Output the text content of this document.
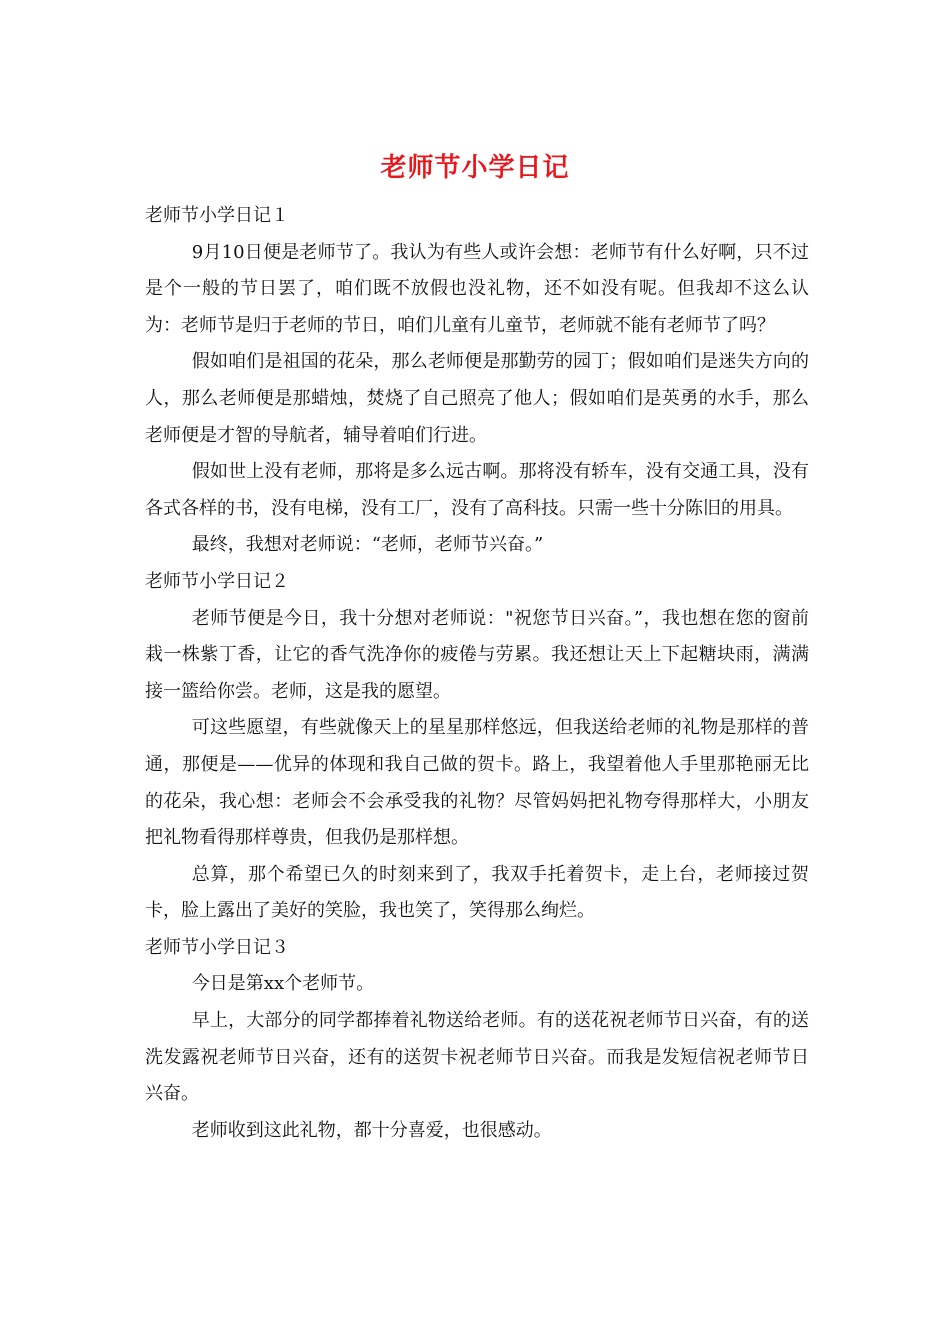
老师节小学日记

老师节小学日记１

9月10日便是老师节了。我认为有些人或许会想：老师节有什么好啊，只不过是个一般的节日罢了，咱们既不放假也没礼物，还不如没有呢。但我却不这么认为：老师节是归于老师的节日，咱们儿童有儿童节，老师就不能有老师节了吗？

假如咱们是祖国的花朵，那么老师便是那勤劳的园丁；假如咱们是迷失方向的人，那么老师便是那蜡烛，焚烧了自己照亮了他人；假如咱们是英勇的水手，那么老师便是才智的导航者，辅导着咱们行进。

假如世上没有老师，那将是多么远古啊。那将没有轿车，没有交通工具，没有各式各样的书，没有电梯，没有工厂，没有了高科技。只需一些十分陈旧的用具。

最终，我想对老师说：“老师，老师节兴奋。”

老师节小学日记２

老师节便是今日，我十分想对老师说："祝您节日兴奋。”，我也想在您的窗前栽一株紫丁香，让它的香气洗净你的疲倦与劳累。我还想让天上下起糖块雨，满满接一篮给你尝。老师，这是我的愿望。

可这些愿望，有些就像天上的星星那样悠远，但我送给老师的礼物是那样的普通，那便是——优异的体现和我自己做的贺卡。路上，我望着他人手里那艳丽无比的花朵，我心想：老师会不会承受我的礼物？尽管妈妈把礼物夸得那样大，小朋友把礼物看得那样尊贵，但我仍是那样想。

总算，那个希望已久的时刻来到了，我双手托着贺卡，走上台，老师接过贺卡，脸上露出了美好的笑脸，我也笑了，笑得那么绚烂。

老师节小学日记３

今日是第xx个老师节。

早上，大部分的同学都捧着礼物送给老师。有的送花祝老师节日兴奋，有的送洗发露祝老师节日兴奋，还有的送贺卡祝老师节日兴奋。而我是发短信祝老师节日兴奋。

老师收到这此礼物，都十分喜爱，也很感动。
